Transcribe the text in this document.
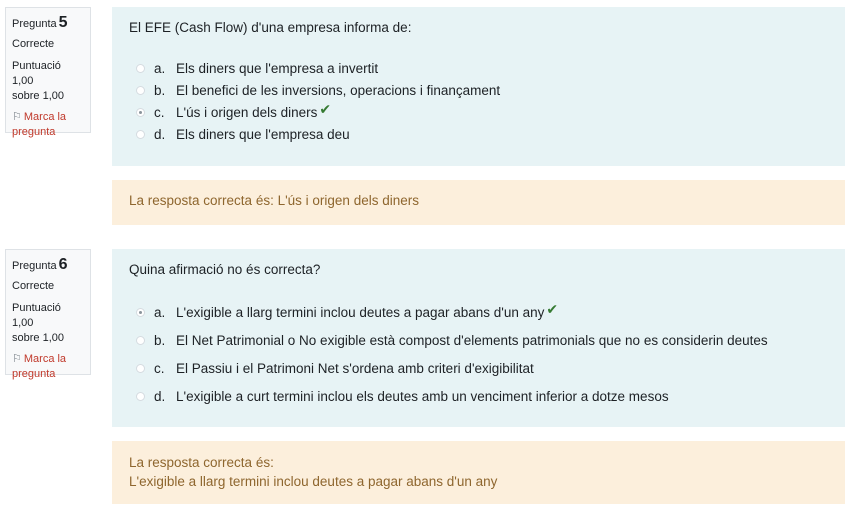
Pregunta 5
Correcte
Puntuació 1,00
sobre 1,00
⚐ Marca la
pregunta
El EFE (Cash Flow) d'una empresa informa de:
a. Els diners que l'empresa a invertit
b. El benefici de les inversions, operacions i finançament
c. L'ús i origen dels diners ✔
d. Els diners que l'empresa deu
La resposta correcta és: L'ús i origen dels diners
Pregunta 6
Correcte
Puntuació 1,00
sobre 1,00
⚐ Marca la
pregunta
Quina afirmació no és correcta?
a. L'exigible a llarg termini inclou deutes a pagar abans d'un any ✔
b. El Net Patrimonial o No exigible està compost d'elements patrimonials que no es considerin deutes
c. El Passiu i el Patrimoni Net s'ordena amb criteri d'exigibilitat
d. L'exigible a curt termini inclou els deutes amb un venciment inferior a dotze mesos
La resposta correcta és:
L'exigible a llarg termini inclou deutes a pagar abans d'un any
